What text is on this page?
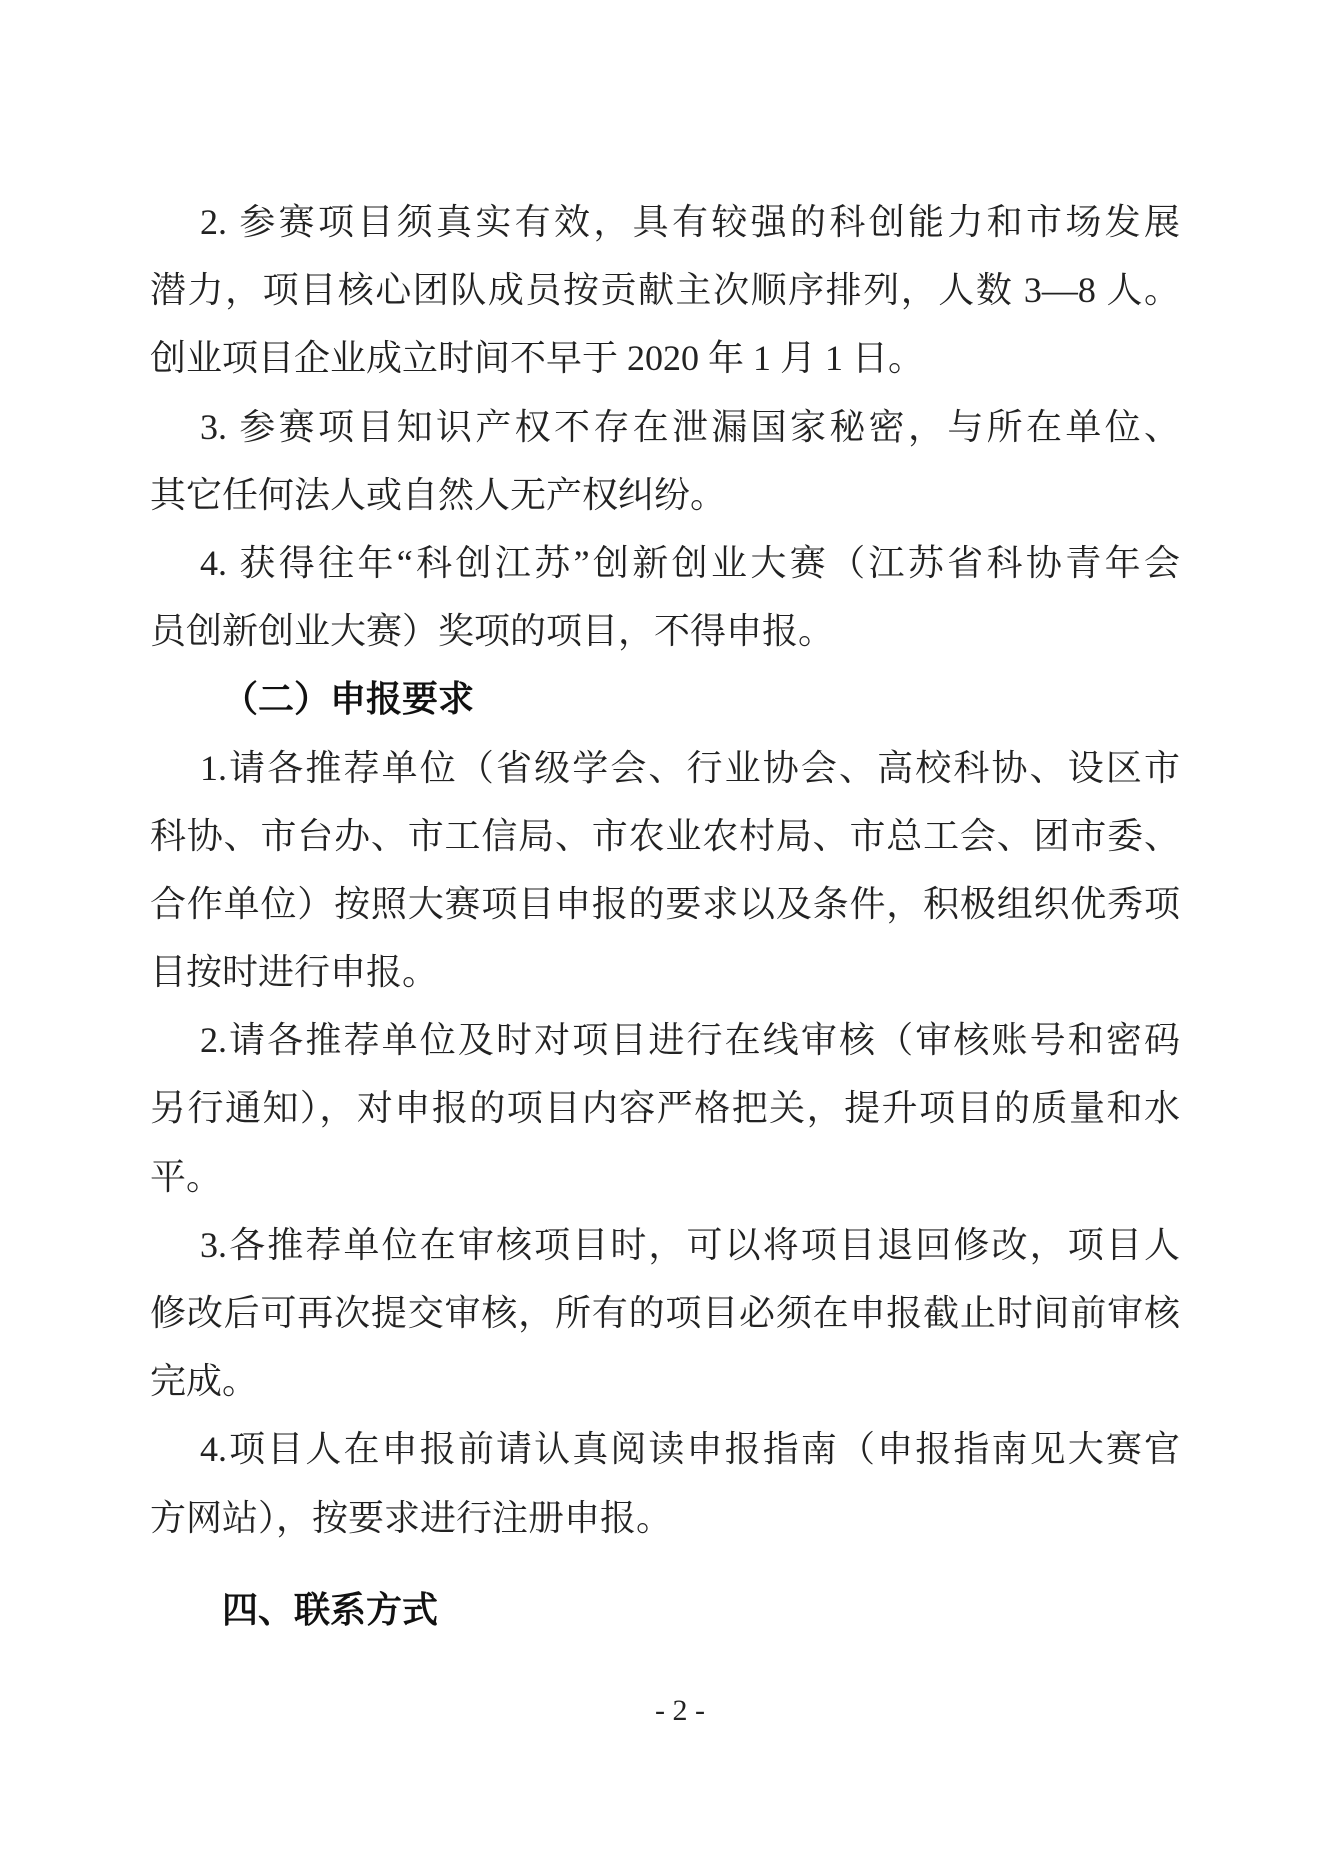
2. 参赛项目须真实有效，具有较强的科创能力和市场发展
潜力，项目核心团队成员按贡献主次顺序排列，人数 3—8 人。
创业项目企业成立时间不早于 2020 年 1 月 1 日。
3. 参赛项目知识产权不存在泄漏国家秘密，与所在单位、
其它任何法人或自然人无产权纠纷。
4. 获得往年“科创江苏”创新创业大赛（江苏省科协青年会
员创新创业大赛）奖项的项目，不得申报。
（二）申报要求
1.请各推荐单位（省级学会、行业协会、高校科协、设区市
科协、市台办、市工信局、市农业农村局、市总工会、团市委、
合作单位）按照大赛项目申报的要求以及条件，积极组织优秀项
目按时进行申报。
2.请各推荐单位及时对项目进行在线审核（审核账号和密码
另行通知），对申报的项目内容严格把关，提升项目的质量和水
平。
3.各推荐单位在审核项目时，可以将项目退回修改，项目人
修改后可再次提交审核，所有的项目必须在申报截止时间前审核
完成。
4.项目人在申报前请认真阅读申报指南（申报指南见大赛官
方网站），按要求进行注册申报。
四、联系方式
- 2 -
